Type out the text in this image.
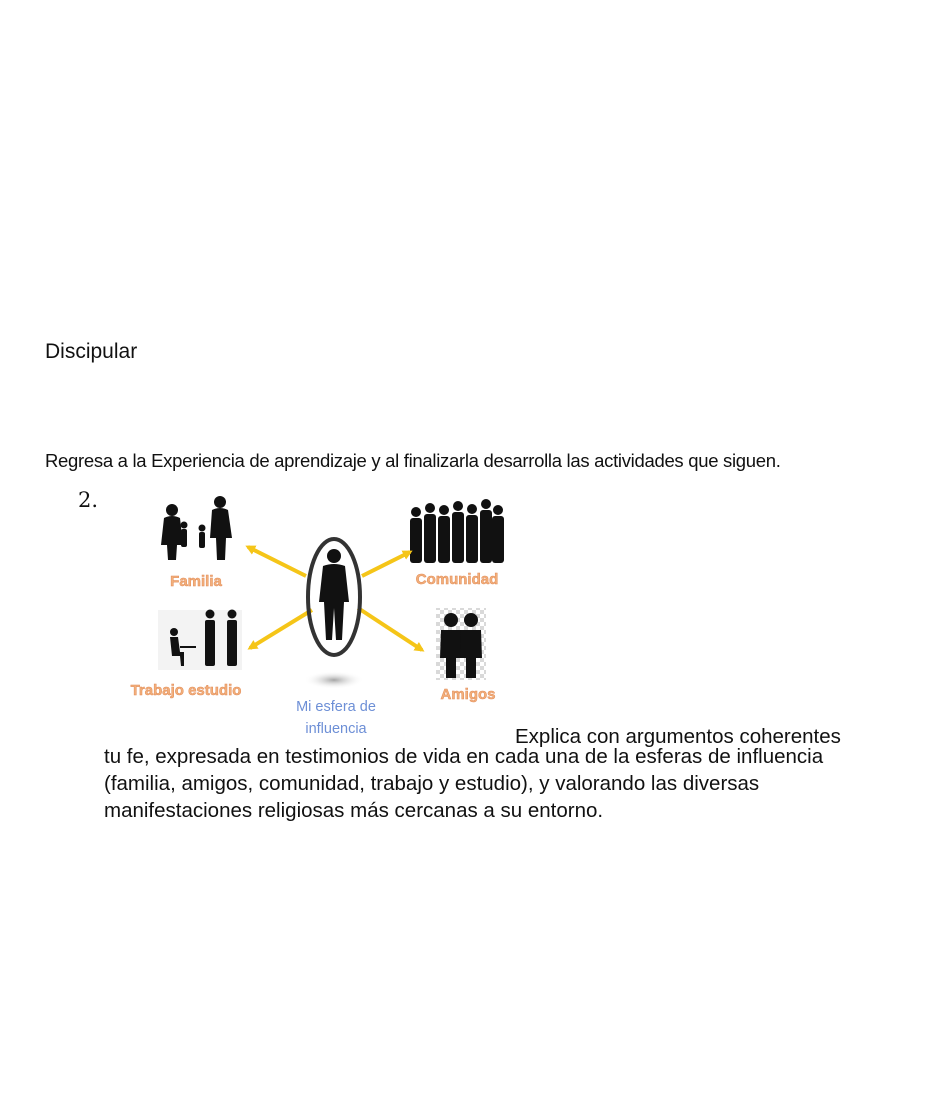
Discipular
Regresa a la Experiencia de aprendizaje y al finalizarla desarrolla las actividades que siguen.
2.
Familia	Comunidad
Trabajo estudio	Amigos
Mi esfera de
influencia	Explica con argumentos coherentes
tu fe, expresada en testimonios de vida en cada una de la esferas de influencia (familia, amigos, comunidad, trabajo y estudio), y valorando las diversas manifestaciones religiosas más cercanas a su entorno.
